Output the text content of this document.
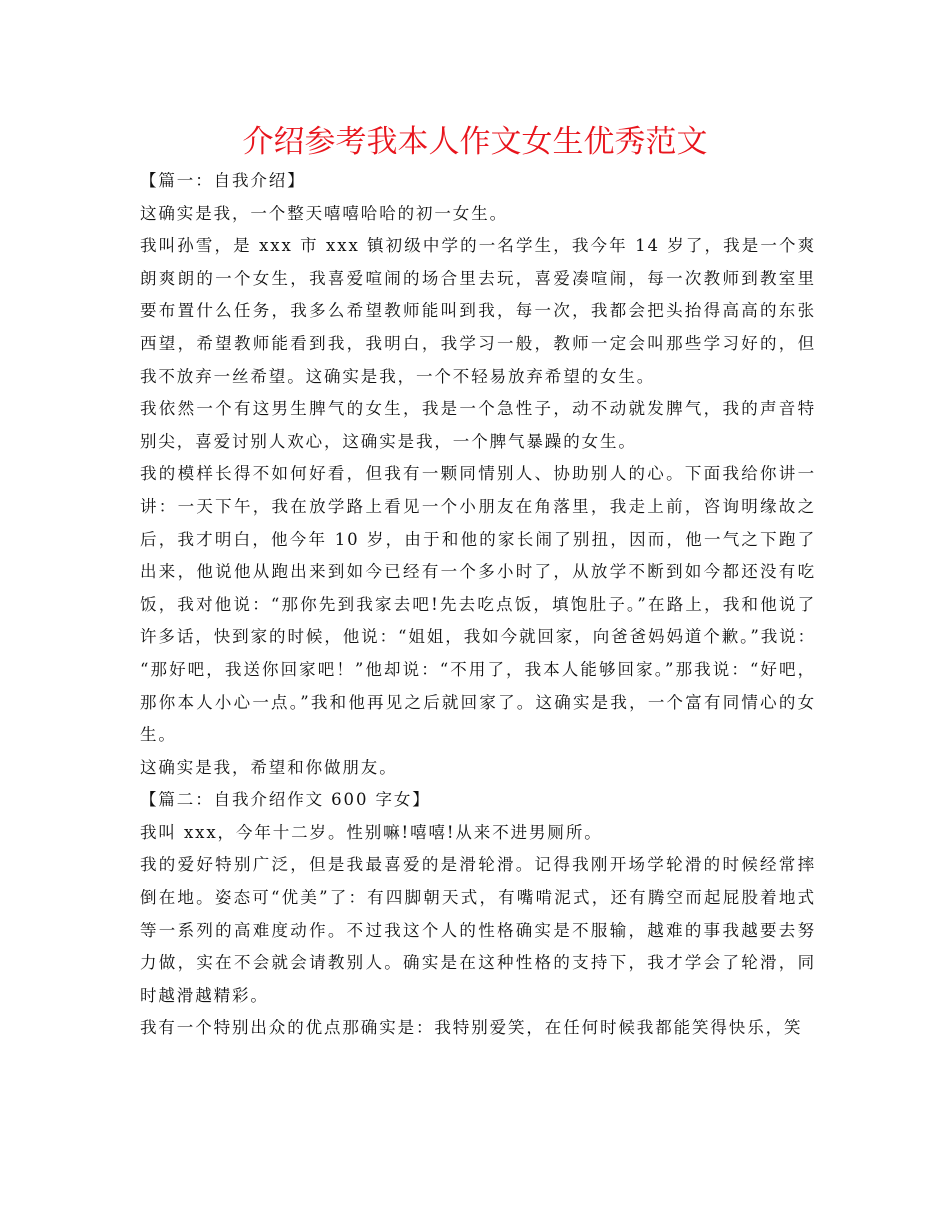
介绍参考我本人作文女生优秀范文

【篇一：自我介绍】

这确实是我，一个整天嘻嘻哈哈的初一女生。

我叫孙雪，是 xxx 市 xxx 镇初级中学的一名学生，我今年 14 岁了，我是一个爽朗爽朗的一个女生，我喜爱喧闹的场合里去玩，喜爱凑喧闹，每一次教师到教室里要布置什么任务，我多么希望教师能叫到我，每一次，我都会把头抬得高高的东张西望，希望教师能看到我，我明白，我学习一般，教师一定会叫那些学习好的，但我不放弃一丝希望。这确实是我，一个不轻易放弃希望的女生。

我依然一个有这男生脾气的女生，我是一个急性子，动不动就发脾气，我的声音特别尖，喜爱讨别人欢心，这确实是我，一个脾气暴躁的女生。

我的模样长得不如何好看，但我有一颗同情别人、协助别人的心。下面我给你讲一讲：一天下午，我在放学路上看见一个小朋友在角落里，我走上前，咨询明缘故之后，我才明白，他今年 10 岁，由于和他的家长闹了别扭，因而，他一气之下跑了出来，他说他从跑出来到如今已经有一个多小时了，从放学不断到如今都还没有吃饭，我对他说：“那你先到我家去吧!先去吃点饭，填饱肚子。”在路上，我和他说了许多话，快到家的时候，他说：“姐姐，我如今就回家，向爸爸妈妈道个歉。”我说：“那好吧，我送你回家吧！”他却说：“不用了，我本人能够回家。”那我说：“好吧，那你本人小心一点。”我和他再见之后就回家了。这确实是我，一个富有同情心的女生。

这确实是我，希望和你做朋友。

【篇二：自我介绍作文 600 字女】

我叫 xxx，今年十二岁。性别嘛!嘻嘻!从来不进男厕所。

我的爱好特别广泛，但是我最喜爱的是滑轮滑。记得我刚开场学轮滑的时候经常摔倒在地。姿态可“优美”了：有四脚朝天式，有嘴啃泥式，还有腾空而起屁股着地式等一系列的高难度动作。不过我这个人的性格确实是不服输，越难的事我越要去努力做，实在不会就会请教别人。确实是在这种性格的支持下，我才学会了轮滑，同时越滑越精彩。

我有一个特别出众的优点那确实是：我特别爱笑，在任何时候我都能笑得快乐，笑
